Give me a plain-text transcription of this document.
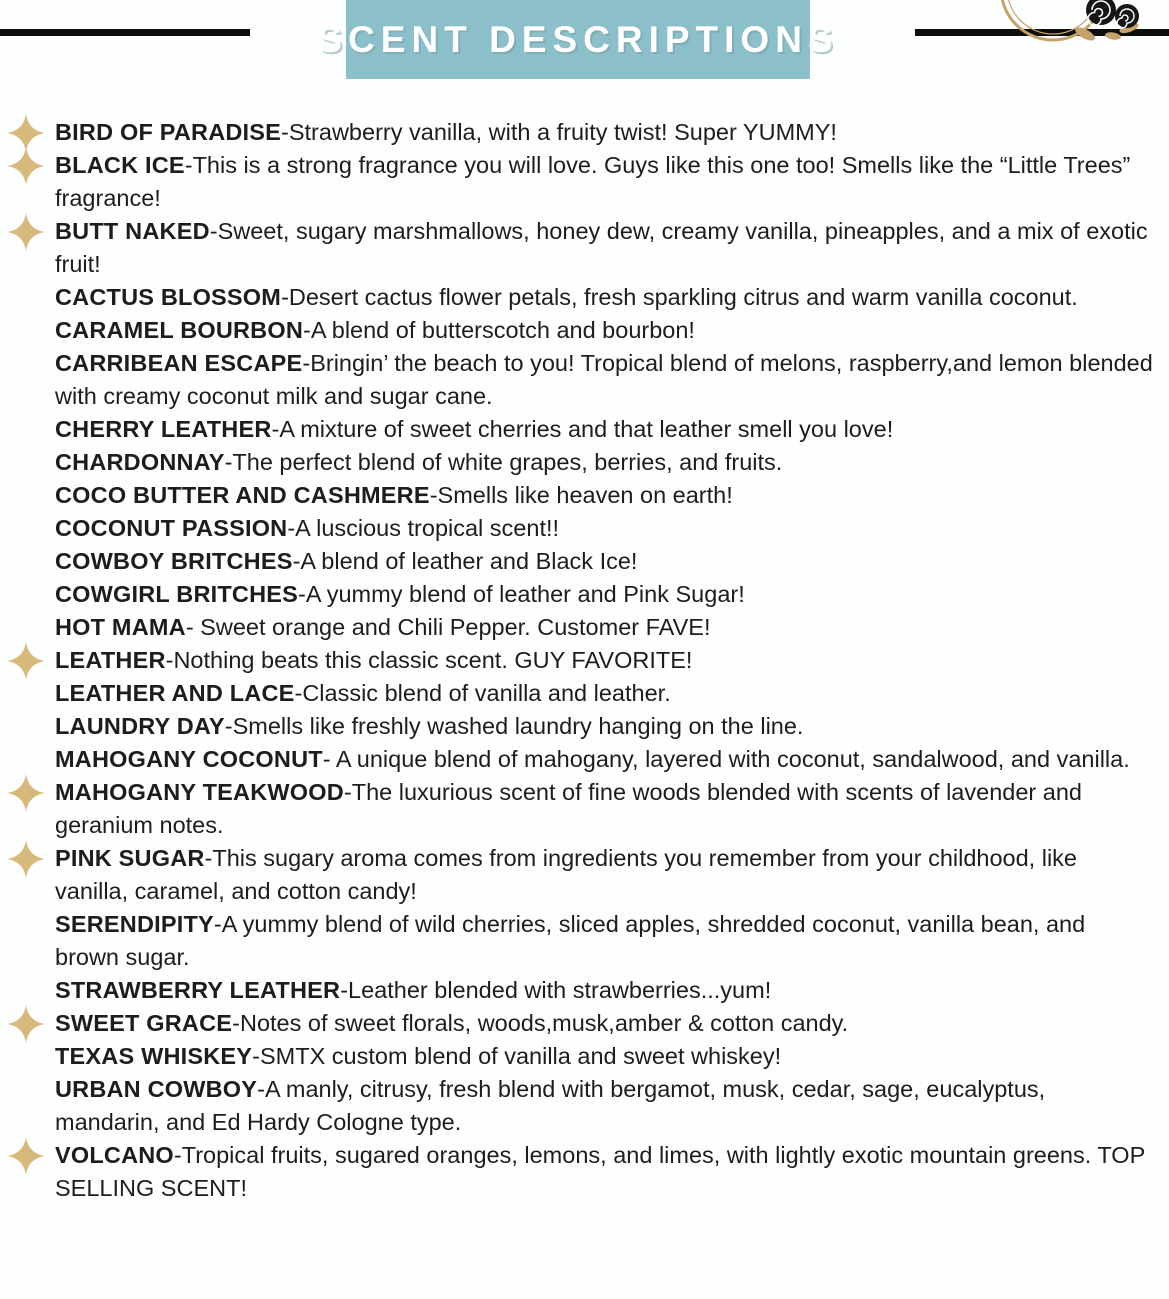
SCENT DESCRIPTIONS
BIRD OF PARADISE-Strawberry vanilla, with a fruity twist! Super YUMMY!
BLACK ICE-This is a strong fragrance you will love. Guys like this one too! Smells like the “Little Trees” fragrance!
BUTT NAKED-Sweet, sugary marshmallows, honey dew, creamy vanilla, pineapples, and a mix of exotic fruit!
CACTUS BLOSSOM-Desert cactus flower petals, fresh sparkling citrus and warm vanilla coconut.
CARAMEL BOURBON-A blend of butterscotch and bourbon!
CARRIBEAN ESCAPE-Bringin’ the beach to you! Tropical blend of melons, raspberry,and lemon blended with creamy coconut milk and sugar cane.
CHERRY LEATHER-A mixture of sweet cherries and that leather smell you love!
CHARDONNAY-The perfect blend of white grapes, berries, and fruits.
COCO BUTTER AND CASHMERE-Smells like heaven on earth!
COCONUT PASSION-A luscious tropical scent!!
COWBOY BRITCHES-A blend of leather and Black Ice!
COWGIRL BRITCHES-A yummy blend of leather and Pink Sugar!
HOT MAMA- Sweet orange and Chili Pepper. Customer FAVE!
LEATHER-Nothing beats this classic scent. GUY FAVORITE!
LEATHER AND LACE-Classic blend of vanilla and leather.
LAUNDRY DAY-Smells like freshly washed laundry hanging on the line.
MAHOGANY COCONUT- A unique blend of mahogany, layered with coconut, sandalwood, and vanilla.
MAHOGANY TEAKWOOD-The luxurious scent of fine woods blended with scents of lavender and geranium notes.
PINK SUGAR-This sugary aroma comes from ingredients you remember from your childhood, like vanilla, caramel, and cotton candy!
SERENDIPITY-A yummy blend of wild cherries, sliced apples, shredded coconut, vanilla bean, and brown sugar.
STRAWBERRY LEATHER-Leather blended with strawberries...yum!
SWEET GRACE-Notes of sweet florals, woods,musk,amber & cotton candy.
TEXAS WHISKEY-SMTX custom blend of vanilla and sweet whiskey!
URBAN COWBOY-A manly, citrusy, fresh blend with bergamot, musk, cedar, sage, eucalyptus, mandarin, and Ed Hardy Cologne type.
VOLCANO-Tropical fruits, sugared oranges, lemons, and limes, with lightly exotic mountain greens. TOP SELLING SCENT!
